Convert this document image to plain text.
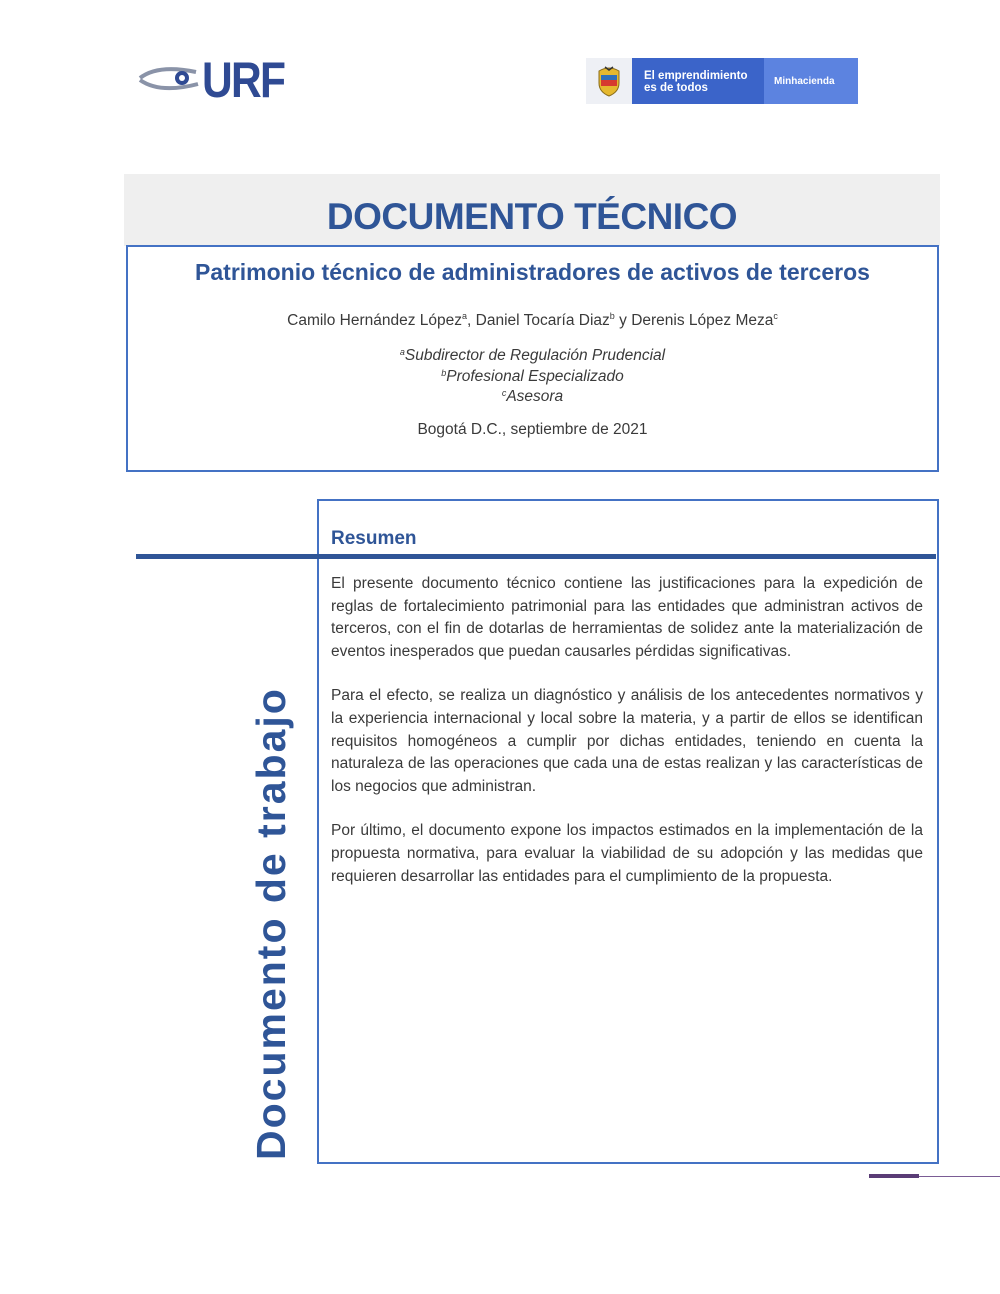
URF	El emprendimiento
es de todos
Minhacienda
DOCUMENTO TÉCNICO
Patrimonio técnico de administradores de activos de terceros
Camilo Hernández López$^a$, Daniel Tocaría Diaz$^b$ y Derenis López Meza$^c$
$^a$Subdirector de Regulación Prudencial
$^b$Profesional Especializado
$^c$Asesora
Bogotá D.C., septiembre de 2021
Documento de trabajo
Resumen

El presente documento técnico contiene las justificaciones para la expedición de reglas de fortalecimiento patrimonial para las entidades que administran activos de terceros, con el fin de dotarlas de herramientas de solidez ante la materialización de eventos inesperados que puedan causarles pérdidas significativas.

Para el efecto, se realiza un diagnóstico y análisis de los antecedentes normativos y la experiencia internacional y local sobre la materia, y a partir de ellos se identifican requisitos homogéneos a cumplir por dichas entidades, teniendo en cuenta la naturaleza de las operaciones que cada una de estas realizan y las características de los negocios que administran.

Por último, el documento expone los impactos estimados en la implementación de la propuesta normativa, para evaluar la viabilidad de su adopción y las medidas que requieren desarrollar las entidades para el cumplimiento de la propuesta.
